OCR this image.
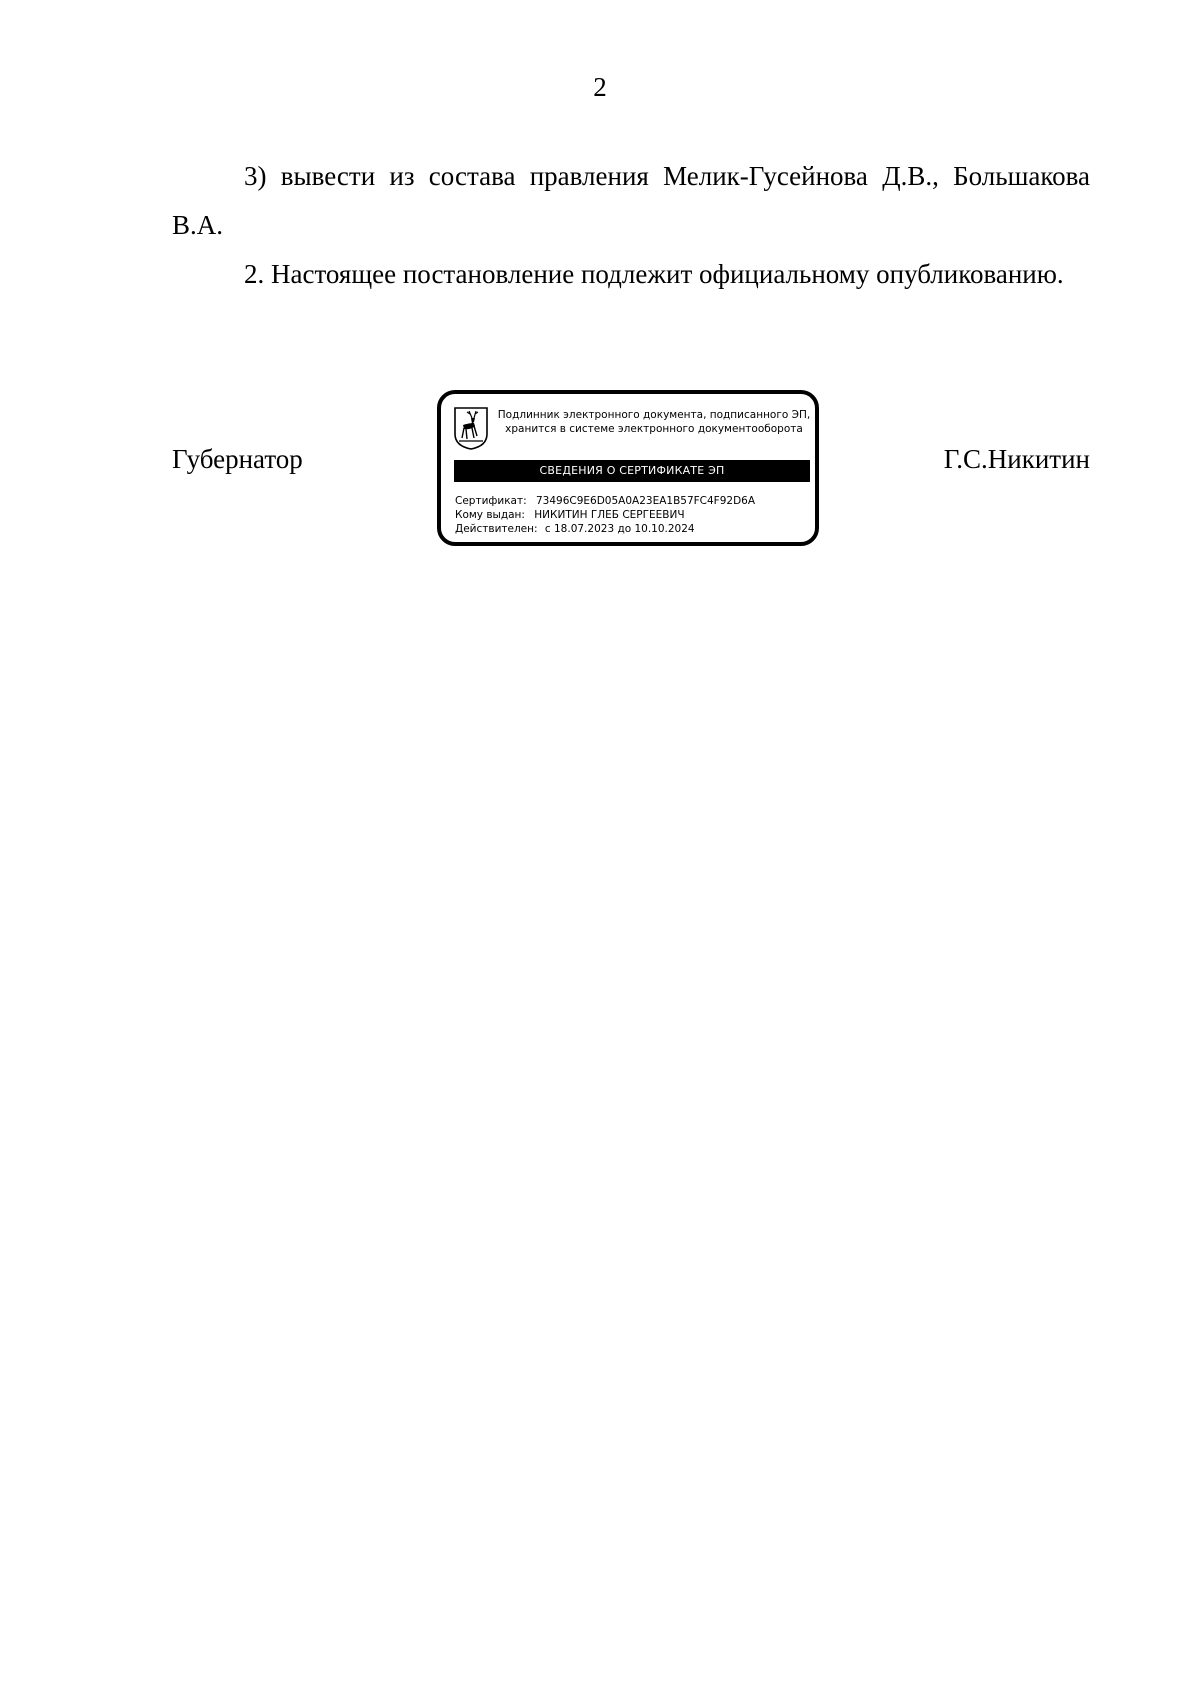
2

3) вывести из состава правления Мелик-Гусейнова Д.В., Большакова В.А.

2. Настоящее постановление подлежит официальному опубликованию.

Губернатор	Г.С.Никитин
Подлинник электронного документа, подписанного ЭП,
хранится в системе электронного документооборота
СВЕДЕНИЯ О СЕРТИФИКАТЕ ЭП
Сертификат: 73496C9E6D05A0A23EA1B57FC4F92D6A
Кому выдан: НИКИТИН ГЛЕБ СЕРГЕЕВИЧ
Действителен: с 18.07.2023 до 10.10.2024
